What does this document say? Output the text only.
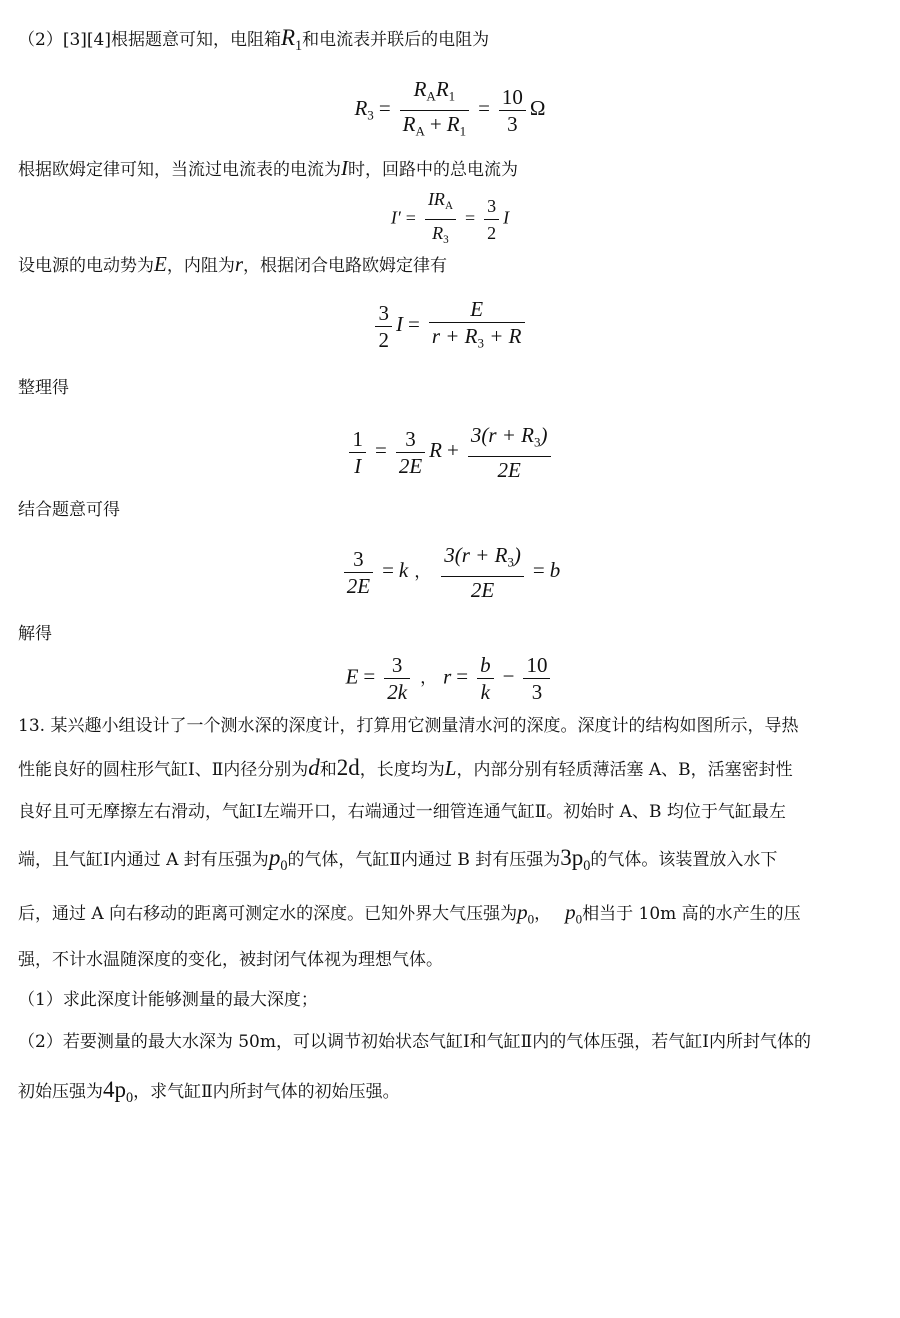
（2）[3][4]根据题意可知，电阻箱$R_1$和电流表并联后的电阻为
$R_3 = \frac{R_AR_1}{R_A + R_1} = \frac{10}{3}$ Ω
根据欧姆定律可知，当流过电流表的电流为I时，回路中的总电流为
$I' = \frac{IR_A}{R_3} = \frac{3}{2}$ I
设电源的电动势为E，内阻为r，根据闭合电路欧姆定律有
$\frac{3}{2}$ $I = \frac{E}{r + R_3 + R}$
整理得
$\frac{1}{I} = \frac{3}{2E}$ $R + \frac{3(r + R_3)}{2E}$
结合题意可得
$\frac{3}{2E} = k$ ， $\frac{3(r + R_3)}{2E} = b$
解得
$E = \frac{3}{2k}$ ， $r = \frac{b}{k} - \frac{10}{3}$
13. 某兴趣小组设计了一个测水深的深度计，打算用它测量清水河的深度。深度计的结构如图所示，导热
性能良好的圆柱形气缸Ⅰ、Ⅱ内径分别为d和2d，长度均为L，内部分别有轻质薄活塞 A、B，活塞密封性
良好且可无摩擦左右滑动，气缸Ⅰ左端开口，右端通过一细管连通气缸Ⅱ。初始时 A、B 均位于气缸最左
端，且气缸Ⅰ内通过 A 封有压强为$p_0$的气体，气缸Ⅱ内通过 B 封有压强为$3p_0$的气体。该装置放入水下
后，通过 A 向右移动的距离可测定水的深度。已知外界大气压强为$p_0$， $p_0$相当于 10m 高的水产生的压
强，不计水温随深度的变化，被封闭气体视为理想气体。
（1）求此深度计能够测量的最大深度；
（2）若要测量的最大水深为 50m，可以调节初始状态气缸Ⅰ和气缸Ⅱ内的气体压强，若气缸Ⅰ内所封气体的
初始压强为$4p_0$，求气缸Ⅱ内所封气体的初始压强。
